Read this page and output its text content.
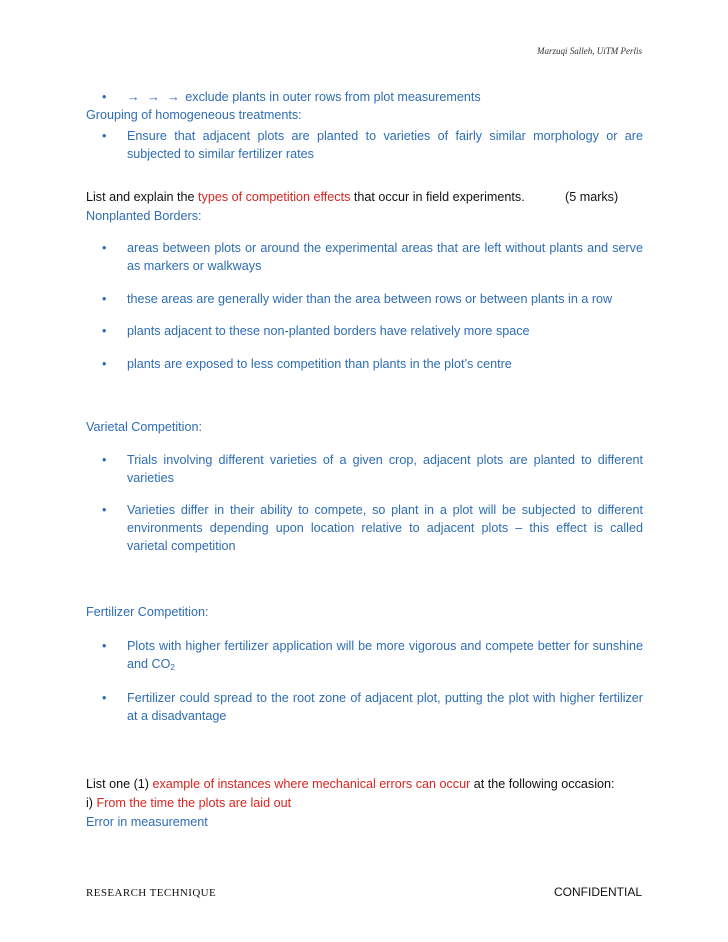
Marzuqi Salleh, UiTM Perlis
•	→ → → exclude plants in outer rows from plot measurements
Grouping of homogeneous treatments:
•	Ensure that adjacent plots are planted to varieties of fairly similar morphology or are subjected to similar fertilizer rates
List and explain the types of competition effects that occur in field experiments.	(5 marks)
Nonplanted Borders:
•	areas between plots or around the experimental areas that are left without plants and serve as markers or walkways
•	these areas are generally wider than the area between rows or between plants in a row
•	plants adjacent to these non-planted borders have relatively more space
•	plants are exposed to less competition than plants in the plot’s centre
Varietal Competition:
•	Trials involving different varieties of a given crop, adjacent plots are planted to different varieties
•	Varieties differ in their ability to compete, so plant in a plot will be subjected to different environments depending upon location relative to adjacent plots – this effect is called varietal competition
Fertilizer Competition:
•	Plots with higher fertilizer application will be more vigorous and compete better for sunshine and $CO_2$
•	Fertilizer could spread to the root zone of adjacent plot, putting the plot with higher fertilizer at a disadvantage
List one (1) example of instances where mechanical errors can occur at the following occasion:
i) From the time the plots are laid out
Error in measurement
RESEARCH TECHNIQUE	CONFIDENTIAL
